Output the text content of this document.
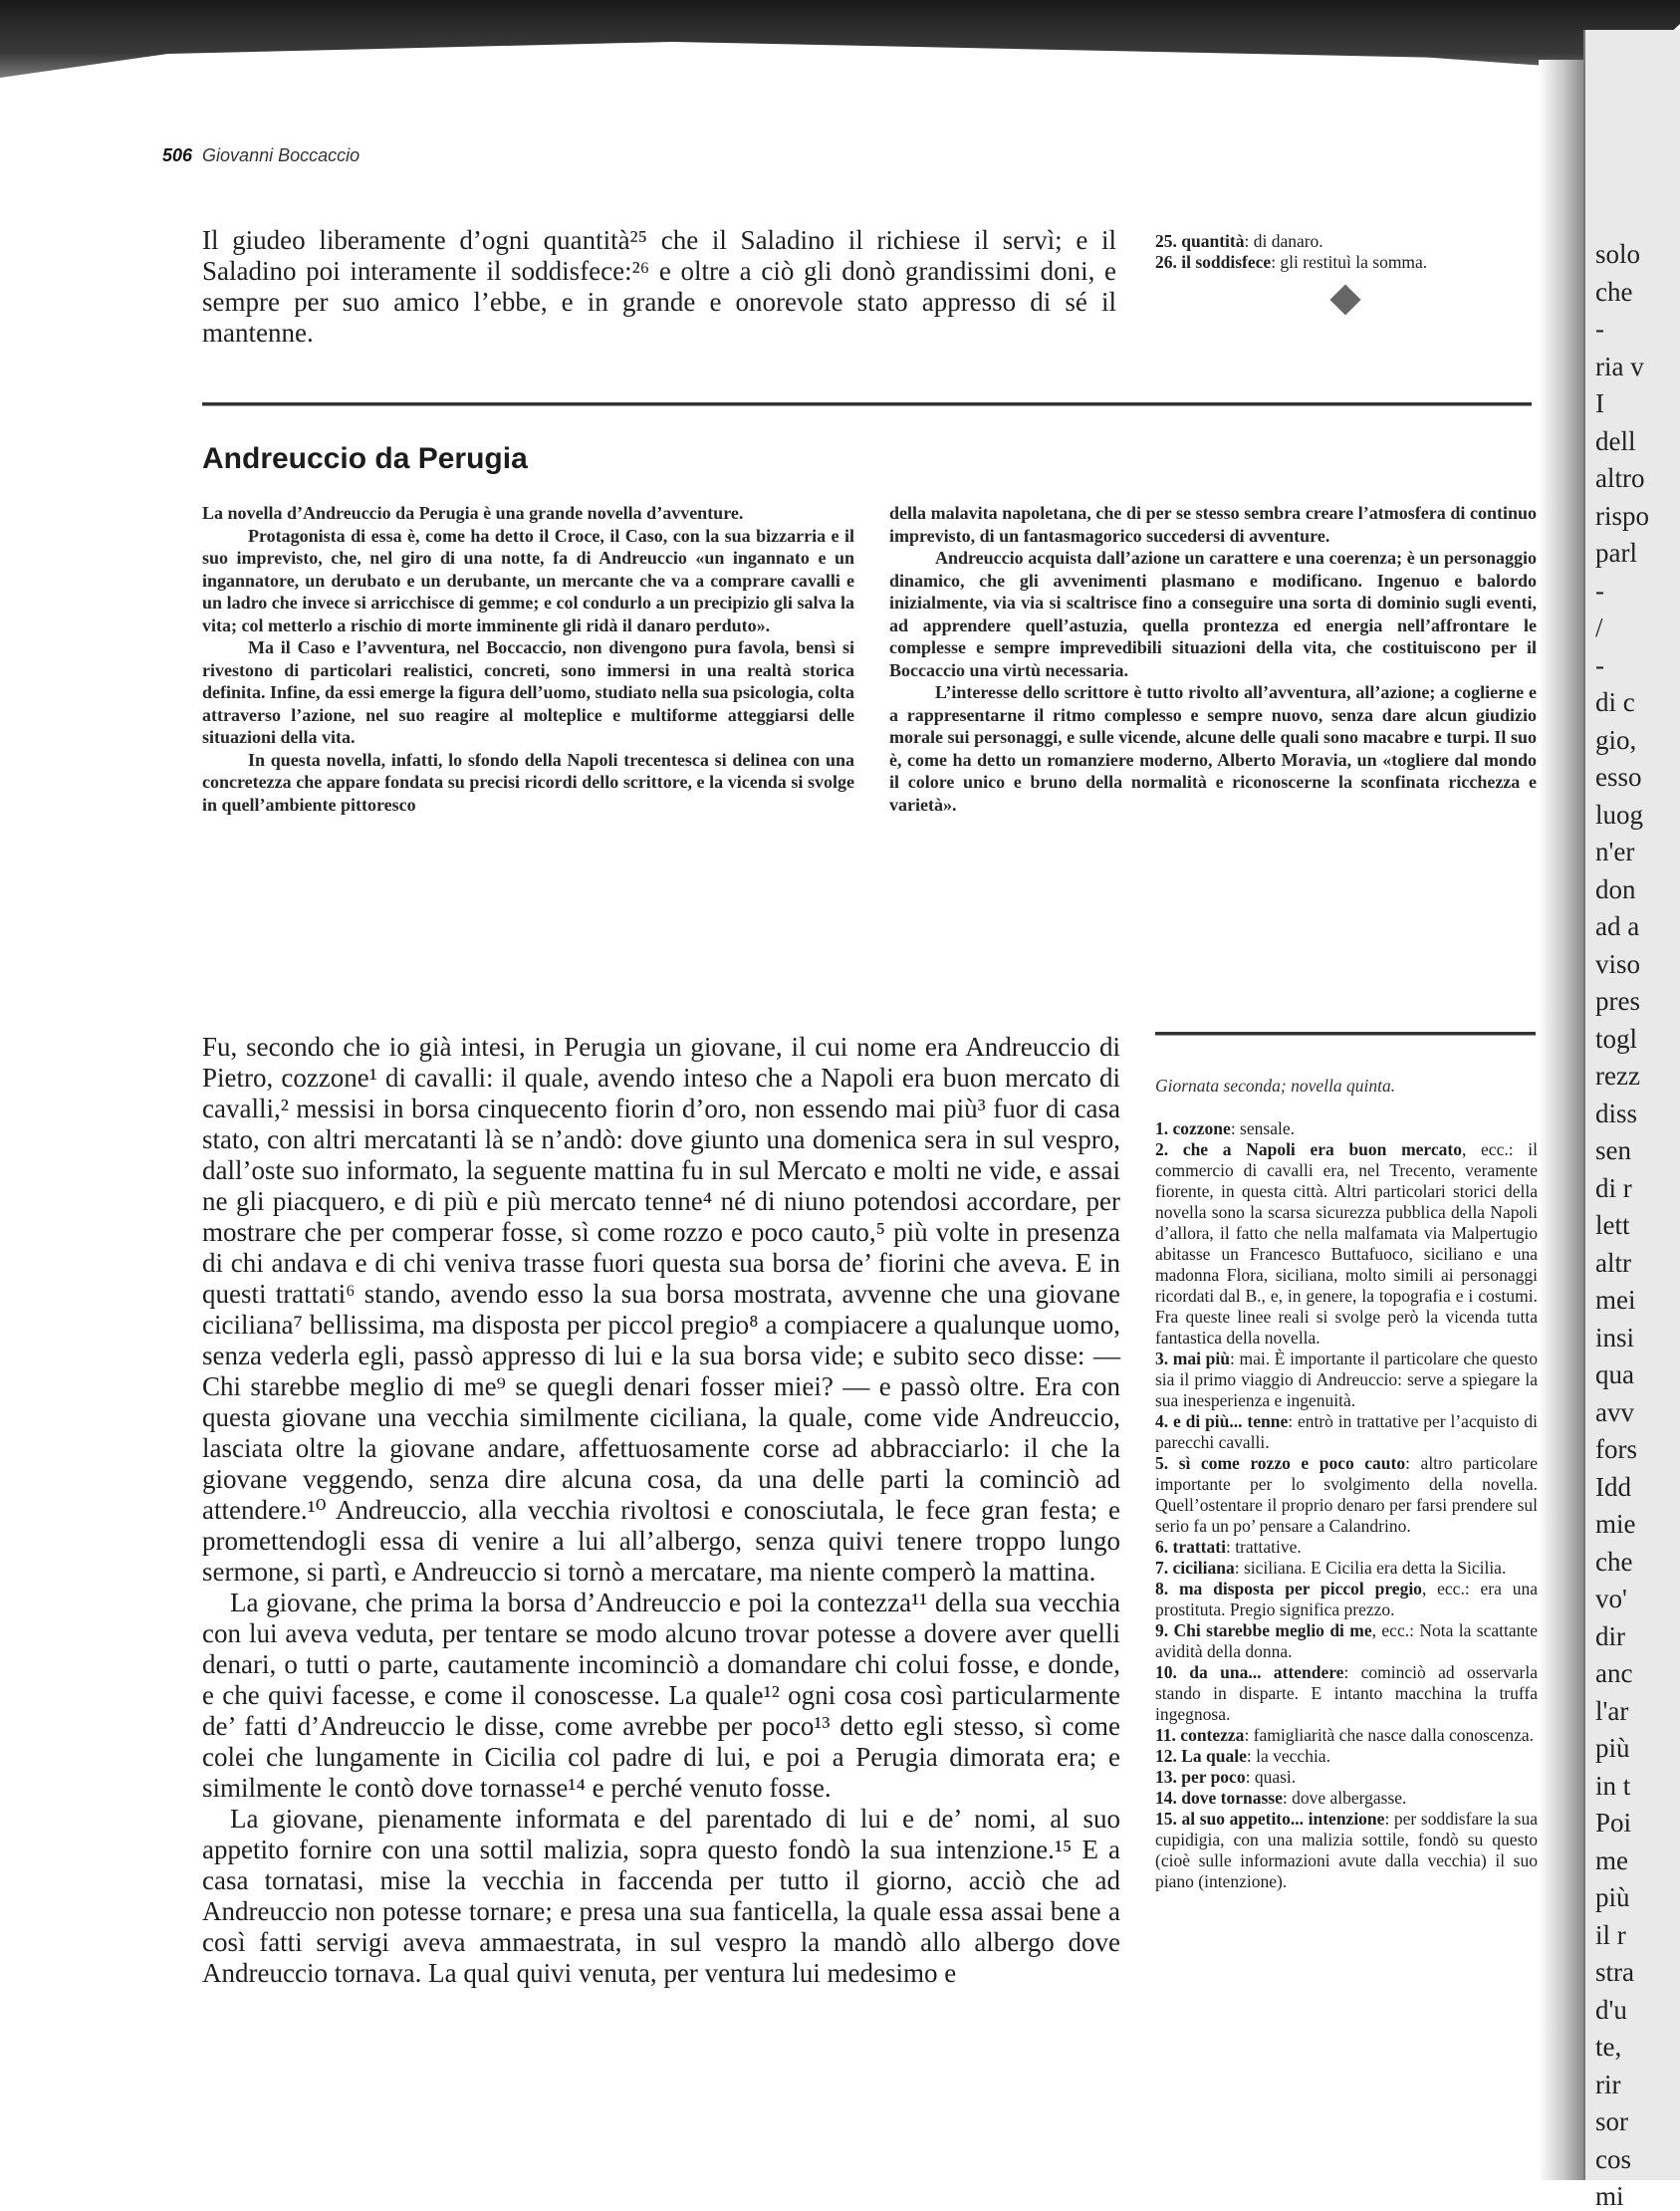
506 Giovanni Boccaccio

Il giudeo liberamente d’ogni quantità²⁵ che il Saladino il richiese il servì; e il Saladino poi interamente il soddisfece:²⁶ e oltre a ciò gli donò grandissimi doni, e sempre per suo amico l’ebbe, e in grande e onorevole stato appresso di sé il mantenne.

25. quantità: di danaro.
26. il soddisfece: gli restituì la somma.
Andreuccio da Perugia

La novella d’Andreuccio da Perugia è una grande novella d’avventure.

Protagonista di essa è, come ha detto il Croce, il Caso, con la sua bizzarria e il suo imprevisto, che, nel giro di una notte, fa di Andreuccio «un ingannato e un ingannatore, un derubato e un derubante, un mercante che va a comprare cavalli e un ladro che invece si arricchisce di gemme; e col condurlo a un precipizio gli salva la vita; col metterlo a rischio di morte imminente gli ridà il danaro perduto».

Ma il Caso e l’avventura, nel Boccaccio, non divengono pura favola, bensì si rivestono di particolari realistici, concreti, sono immersi in una realtà storica definita. Infine, da essi emerge la figura dell’uomo, studiato nella sua psicologia, colta attraverso l’azione, nel suo reagire al molteplice e multiforme atteggiarsi delle situazioni della vita.

In questa novella, infatti, lo sfondo della Napoli trecentesca si delinea con una concretezza che appare fondata su precisi ricordi dello scrittore, e la vicenda si svolge in quell’ambiente pittoresco

della malavita napoletana, che di per se stesso sembra creare l’atmosfera di continuo imprevisto, di un fantasmagorico succedersi di avventure.

Andreuccio acquista dall’azione un carattere e una coerenza; è un personaggio dinamico, che gli avvenimenti plasmano e modificano. Ingenuo e balordo inizialmente, via via si scaltrisce fino a conseguire una sorta di dominio sugli eventi, ad apprendere quell’astuzia, quella prontezza ed energia nell’affrontare le complesse e sempre imprevedibili situazioni della vita, che costituiscono per il Boccaccio una virtù necessaria.

L’interesse dello scrittore è tutto rivolto all’avventura, all’azione; a coglierne e a rappresentarne il ritmo complesso e sempre nuovo, senza dare alcun giudizio morale sui personaggi, e sulle vicende, alcune delle quali sono macabre e turpi. Il suo è, come ha detto un romanziere moderno, Alberto Moravia, un «togliere dal mondo il colore unico e bruno della normalità e riconoscerne la sconfinata ricchezza e varietà».

Fu, secondo che io già intesi, in Perugia un giovane, il cui nome era Andreuccio di Pietro, cozzone¹ di cavalli: il quale, avendo inteso che a Napoli era buon mercato di cavalli,² messisi in borsa cinquecento fiorin d’oro, non essendo mai più³ fuor di casa stato, con altri mercatanti là se n’andò: dove giunto una domenica sera in sul vespro, dall’oste suo informato, la seguente mattina fu in sul Mercato e molti ne vide, e assai ne gli piacquero, e di più e più mercato tenne⁴ né di niuno potendosi accordare, per mostrare che per comperar fosse, sì come rozzo e poco cauto,⁵ più volte in presenza di chi andava e di chi veniva trasse fuori questa sua borsa de’ fiorini che aveva. E in questi trattati⁶ stando, avendo esso la sua borsa mostrata, avvenne che una giovane ciciliana⁷ bellissima, ma disposta per piccol pregio⁸ a compiacere a qualunque uomo, senza vederla egli, passò appresso di lui e la sua borsa vide; e subito seco disse: — Chi starebbe meglio di me⁹ se quegli denari fosser miei? — e passò oltre. Era con questa giovane una vecchia similmente ciciliana, la quale, come vide Andreuccio, lasciata oltre la giovane andare, affettuosamente corse ad abbracciarlo: il che la giovane veggendo, senza dire alcuna cosa, da una delle parti la cominciò ad attendere.¹⁰ Andreuccio, alla vecchia rivoltosi e conosciutala, le fece gran festa; e promettendogli essa di venire a lui all’albergo, senza quivi tenere troppo lungo sermone, si partì, e Andreuccio si tornò a mercatare, ma niente comperò la mattina.

La giovane, che prima la borsa d’Andreuccio e poi la contezza¹¹ della sua vecchia con lui aveva veduta, per tentare se modo alcuno trovar potesse a dovere aver quelli denari, o tutti o parte, cautamente incominciò a domandare chi colui fosse, e donde, e che quivi facesse, e come il conoscesse. La quale¹² ogni cosa così particularmente de’ fatti d’Andreuccio le disse, come avrebbe per poco¹³ detto egli stesso, sì come colei che lungamente in Cicilia col padre di lui, e poi a Perugia dimorata era; e similmente le contò dove tornasse¹⁴ e perché venuto fosse.

La giovane, pienamente informata e del parentado di lui e de’ nomi, al suo appetito fornire con una sottil malizia, sopra questo fondò la sua intenzione.¹⁵ E a casa tornatasi, mise la vecchia in faccenda per tutto il giorno, acciò che ad Andreuccio non potesse tornare; e presa una sua fanticella, la quale essa assai bene a così fatti servigi aveva ammaestrata, in sul vespro la mandò allo albergo dove Andreuccio tornava. La qual quivi venuta, per ventura lui medesimo e

Giornata seconda; novella quinta.
1. cozzone: sensale.
2. che a Napoli era buon mercato, ecc.: il commercio di cavalli era, nel Trecento, veramente fiorente, in questa città. Altri particolari storici della novella sono la scarsa sicurezza pubblica della Napoli d’allora, il fatto che nella malfamata via Malpertugio abitasse un Francesco Buttafuoco, siciliano e una madonna Flora, siciliana, molto simili ai personaggi ricordati dal B., e, in genere, la topografia e i costumi. Fra queste linee reali si svolge però la vicenda tutta fantastica della novella.
3. mai più: mai. È importante il particolare che questo sia il primo viaggio di Andreuccio: serve a spiegare la sua inesperienza e ingenuità.
4. e di più... tenne: entrò in trattative per l’acquisto di parecchi cavalli.
5. sì come rozzo e poco cauto: altro particolare importante per lo svolgimento della novella. Quell’ostentare il proprio denaro per farsi prendere sul serio fa un po’ pensare a Calandrino.
6. trattati: trattative.
7. ciciliana: siciliana. E Cicilia era detta la Sicilia.
8. ma disposta per piccol pregio, ecc.: era una prostituta. Pregio significa prezzo.
9. Chi starebbe meglio di me, ecc.: Nota la scattante avidità della donna.
10. da una... attendere: cominciò ad osservarla stando in disparte. E intanto macchina la truffa ingegnosa.
11. contezza: famigliarità che nasce dalla conoscenza.
12. La quale: la vecchia.
13. per poco: quasi.
14. dove tornasse: dove albergasse.
15. al suo appetito... intenzione: per soddisfare la sua cupidigia, con una malizia sottile, fondò su questo (cioè sulle informazioni avute dalla vecchia) il suo piano (intenzione).
solo
che
-
ria v
I
dell
altro
rispo
parl
-
/
-
di c
gio,
esso
luog
n'er
don
ad a
viso
pres
togl
rezz
diss
sen
di r
lett
altr
mei
insi
qua
avv
fors
Idd
mie
che
vo'
dir
anc
l'ar
più
in t
Poi
me
più
il r
stra
d'u
te,
rir
sor
cos
mi
